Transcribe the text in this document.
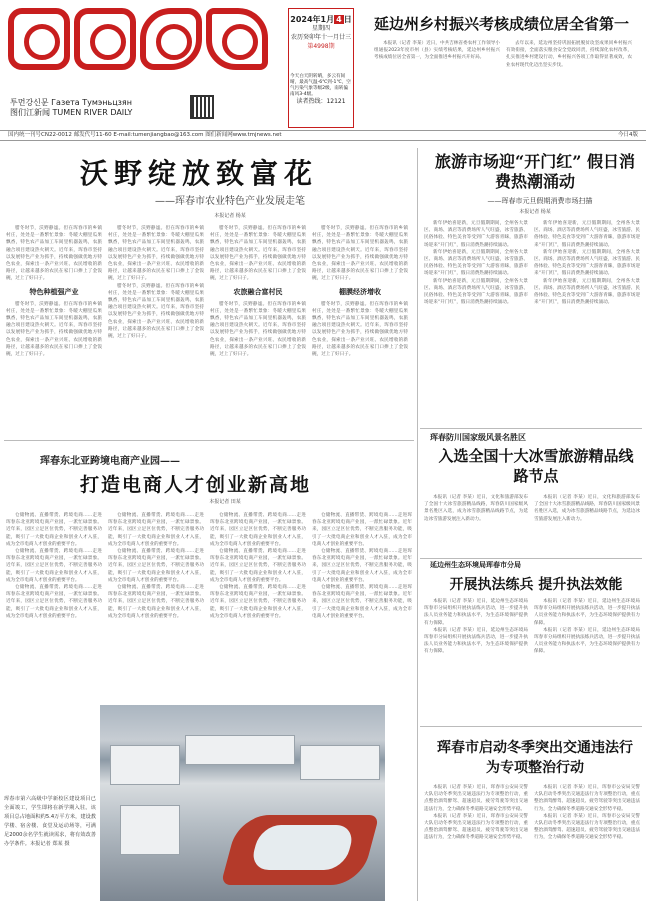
투먼강신문 Газета Тумэньцзян
图们江新闻 TUMEN RIVER DAILY
2024年1月 4 日
星期四
农历癸卯年十一月廿三
第4998期
读者热线：12121
今天白天阴转晴，多云有间晴，最高气温-6℃到-1℃，空气污染气象等级2级，南转偏南风3-4级。
延边州乡村振兴考核成绩位居全省第一

本报讯（记者 李某）近日，中共吉林省委农村工作领导小组通报2023年度市州（县）实绩考核结果，延边州乡村振兴考核成绩位居全省第一，为全面推进乡村振兴开好局。

去年以来，延边州坚持巩固拓展脱贫攻坚成果同乡村振兴有效衔接，全面落实粮食安全党政同责，持续深化农村改革，扎实推进乡村建设行动，乡村振兴各项工作取得显著成效，农业农村现代化迈出坚实步伐。

国内统一刊号CN22-0012 邮发代号11-60 E-mail:tumenjiangbao@163.com 图们新闻网www.tmjnews.net	今日4版
沃野绽放致富花
——珲春市农业特色产业发展走笔
本报记者 杨某

腊冬时节，沃野静谧。但在珲春市的乡镇村庄，处处是一番繁忙景象：冬暖大棚里瓜果飘香，特色农产品加工车间里机器轰鸣，农旅融合项目建设热火朝天。近年来，珲春市坚持以发展特色产业为抓手，持续做强做优地方特色农业，探索出一条产业兴旺、农民增收的新路径，让越来越多的农民在家门口捧上了金饭碗，过上了好日子。

特色种植强产业

腊冬时节，沃野静谧。但在珲春市的乡镇村庄，处处是一番繁忙景象：冬暖大棚里瓜果飘香，特色农产品加工车间里机器轰鸣，农旅融合项目建设热火朝天。近年来，珲春市坚持以发展特色产业为抓手，持续做强做优地方特色农业，探索出一条产业兴旺、农民增收的新路径，让越来越多的农民在家门口捧上了金饭碗，过上了好日子。

腊冬时节，沃野静谧。但在珲春市的乡镇村庄，处处是一番繁忙景象：冬暖大棚里瓜果飘香，特色农产品加工车间里机器轰鸣，农旅融合项目建设热火朝天。近年来，珲春市坚持以发展特色产业为抓手，持续做强做优地方特色农业，探索出一条产业兴旺、农民增收的新路径，让越来越多的农民在家门口捧上了金饭碗，过上了好日子。

腊冬时节，沃野静谧。但在珲春市的乡镇村庄，处处是一番繁忙景象：冬暖大棚里瓜果飘香，特色农产品加工车间里机器轰鸣，农旅融合项目建设热火朝天。近年来，珲春市坚持以发展特色产业为抓手，持续做强做优地方特色农业，探索出一条产业兴旺、农民增收的新路径，让越来越多的农民在家门口捧上了金饭碗，过上了好日子。

腊冬时节，沃野静谧。但在珲春市的乡镇村庄，处处是一番繁忙景象：冬暖大棚里瓜果飘香，特色农产品加工车间里机器轰鸣，农旅融合项目建设热火朝天。近年来，珲春市坚持以发展特色产业为抓手，持续做强做优地方特色农业，探索出一条产业兴旺、农民增收的新路径，让越来越多的农民在家门口捧上了金饭碗，过上了好日子。

农旅融合富村民

腊冬时节，沃野静谧。但在珲春市的乡镇村庄，处处是一番繁忙景象：冬暖大棚里瓜果飘香，特色农产品加工车间里机器轰鸣，农旅融合项目建设热火朝天。近年来，珲春市坚持以发展特色产业为抓手，持续做强做优地方特色农业，探索出一条产业兴旺、农民增收的新路径，让越来越多的农民在家门口捧上了金饭碗，过上了好日子。

腊冬时节，沃野静谧。但在珲春市的乡镇村庄，处处是一番繁忙景象：冬暖大棚里瓜果飘香，特色农产品加工车间里机器轰鸣，农旅融合项目建设热火朝天。近年来，珲春市坚持以发展特色产业为抓手，持续做强做优地方特色农业，探索出一条产业兴旺、农民增收的新路径，让越来越多的农民在家门口捧上了金饭碗，过上了好日子。

棚膜经济增收

腊冬时节，沃野静谧。但在珲春市的乡镇村庄，处处是一番繁忙景象：冬暖大棚里瓜果飘香，特色农产品加工车间里机器轰鸣，农旅融合项目建设热火朝天。近年来，珲春市坚持以发展特色产业为抓手，持续做强做优地方特色农业，探索出一条产业兴旺、农民增收的新路径，让越来越多的农民在家门口捧上了金饭碗，过上了好日子。

珲春东北亚跨境电商产业园——
打造电商人才创业新高地
本报记者 田某

仓储物流、直播带货、跨境电商……走进珲春东北亚跨境电商产业园，一派忙碌景象。近年来，园区立足区位优势，不断完善服务功能，吸引了一大批电商企业和创业人才入驻，成为全市电商人才创业的重要平台。

仓储物流、直播带货、跨境电商……走进珲春东北亚跨境电商产业园，一派忙碌景象。近年来，园区立足区位优势，不断完善服务功能，吸引了一大批电商企业和创业人才入驻，成为全市电商人才创业的重要平台。

仓储物流、直播带货、跨境电商……走进珲春东北亚跨境电商产业园，一派忙碌景象。近年来，园区立足区位优势，不断完善服务功能，吸引了一大批电商企业和创业人才入驻，成为全市电商人才创业的重要平台。

仓储物流、直播带货、跨境电商……走进珲春东北亚跨境电商产业园，一派忙碌景象。近年来，园区立足区位优势，不断完善服务功能，吸引了一大批电商企业和创业人才入驻，成为全市电商人才创业的重要平台。

仓储物流、直播带货、跨境电商……走进珲春东北亚跨境电商产业园，一派忙碌景象。近年来，园区立足区位优势，不断完善服务功能，吸引了一大批电商企业和创业人才入驻，成为全市电商人才创业的重要平台。

仓储物流、直播带货、跨境电商……走进珲春东北亚跨境电商产业园，一派忙碌景象。近年来，园区立足区位优势，不断完善服务功能，吸引了一大批电商企业和创业人才入驻，成为全市电商人才创业的重要平台。

仓储物流、直播带货、跨境电商……走进珲春东北亚跨境电商产业园，一派忙碌景象。近年来，园区立足区位优势，不断完善服务功能，吸引了一大批电商企业和创业人才入驻，成为全市电商人才创业的重要平台。

仓储物流、直播带货、跨境电商……走进珲春东北亚跨境电商产业园，一派忙碌景象。近年来，园区立足区位优势，不断完善服务功能，吸引了一大批电商企业和创业人才入驻，成为全市电商人才创业的重要平台。

仓储物流、直播带货、跨境电商……走进珲春东北亚跨境电商产业园，一派忙碌景象。近年来，园区立足区位优势，不断完善服务功能，吸引了一大批电商企业和创业人才入驻，成为全市电商人才创业的重要平台。

仓储物流、直播带货、跨境电商……走进珲春东北亚跨境电商产业园，一派忙碌景象。近年来，园区立足区位优势，不断完善服务功能，吸引了一大批电商企业和创业人才入驻，成为全市电商人才创业的重要平台。

仓储物流、直播带货、跨境电商……走进珲春东北亚跨境电商产业园，一派忙碌景象。近年来，园区立足区位优势，不断完善服务功能，吸引了一大批电商企业和创业人才入驻，成为全市电商人才创业的重要平台。

仓储物流、直播带货、跨境电商……走进珲春东北亚跨境电商产业园，一派忙碌景象。近年来，园区立足区位优势，不断完善服务功能，吸引了一大批电商企业和创业人才入驻，成为全市电商人才创业的重要平台。

珲春市第六高级中学新校区建设项目已全面竣工，学生即将在新学期入驻。该项目总占地面积约5.4万平方米，建设教学楼、宿舍楼、食堂及运动场等，可满足2000余名学生就读需求，将有效改善办学条件。本报记者 郑某 摄
旅游市场迎“开门红” 假日消费热潮涌动
——珲春市元旦假期消费市场扫描
本报记者 杨某

新年伊始喜迎新，元旦假期期间，全州各大景区、商场、酒店等消费场所人气旺盛，冰雪旅游、民俗体验、特色美食等受到广大游客青睐，旅游市场迎来“开门红”，假日消费热潮持续涌动。

新年伊始喜迎新，元旦假期期间，全州各大景区、商场、酒店等消费场所人气旺盛，冰雪旅游、民俗体验、特色美食等受到广大游客青睐，旅游市场迎来“开门红”，假日消费热潮持续涌动。

新年伊始喜迎新，元旦假期期间，全州各大景区、商场、酒店等消费场所人气旺盛，冰雪旅游、民俗体验、特色美食等受到广大游客青睐，旅游市场迎来“开门红”，假日消费热潮持续涌动。

新年伊始喜迎新，元旦假期期间，全州各大景区、商场、酒店等消费场所人气旺盛，冰雪旅游、民俗体验、特色美食等受到广大游客青睐，旅游市场迎来“开门红”，假日消费热潮持续涌动。

新年伊始喜迎新，元旦假期期间，全州各大景区、商场、酒店等消费场所人气旺盛，冰雪旅游、民俗体验、特色美食等受到广大游客青睐，旅游市场迎来“开门红”，假日消费热潮持续涌动。

新年伊始喜迎新，元旦假期期间，全州各大景区、商场、酒店等消费场所人气旺盛，冰雪旅游、民俗体验、特色美食等受到广大游客青睐，旅游市场迎来“开门红”，假日消费热潮持续涌动。

珲春防川国家级风景名胜区
入选全国十大冰雪旅游精品线路节点

本报讯（记者 李某）近日，文化和旅游部发布了全国十大冰雪旅游精品线路，珲春防川国家级风景名胜区入选，成为冰雪旅游精品线路节点，为延边冰雪旅游发展注入新动力。

本报讯（记者 李某）近日，文化和旅游部发布了全国十大冰雪旅游精品线路，珲春防川国家级风景名胜区入选，成为冰雪旅游精品线路节点，为延边冰雪旅游发展注入新动力。

延边州生态环境局珲春市分局
开展执法练兵 提升执法效能

本报讯（记者 李某）近日，延边州生态环境局珲春市分局组织开展执法练兵活动，进一步提升执法人员业务能力和执法水平，为生态环境保护提供有力保障。

本报讯（记者 李某）近日，延边州生态环境局珲春市分局组织开展执法练兵活动，进一步提升执法人员业务能力和执法水平，为生态环境保护提供有力保障。

本报讯（记者 李某）近日，延边州生态环境局珲春市分局组织开展执法练兵活动，进一步提升执法人员业务能力和执法水平，为生态环境保护提供有力保障。

本报讯（记者 李某）近日，延边州生态环境局珲春市分局组织开展执法练兵活动，进一步提升执法人员业务能力和执法水平，为生态环境保护提供有力保障。

珲春市启动冬季突出交通违法行为专项整治行动

本报讯（记者 李某）近日，珲春市公安局交警大队启动冬季突出交通违法行为专项整治行动，重点整治酒驾醉驾、超速超员、疲劳驾驶等突出交通违法行为，全力确保冬季道路交通安全形势平稳。

本报讯（记者 李某）近日，珲春市公安局交警大队启动冬季突出交通违法行为专项整治行动，重点整治酒驾醉驾、超速超员、疲劳驾驶等突出交通违法行为，全力确保冬季道路交通安全形势平稳。

本报讯（记者 李某）近日，珲春市公安局交警大队启动冬季突出交通违法行为专项整治行动，重点整治酒驾醉驾、超速超员、疲劳驾驶等突出交通违法行为，全力确保冬季道路交通安全形势平稳。

本报讯（记者 李某）近日，珲春市公安局交警大队启动冬季突出交通违法行为专项整治行动，重点整治酒驾醉驾、超速超员、疲劳驾驶等突出交通违法行为，全力确保冬季道路交通安全形势平稳。
